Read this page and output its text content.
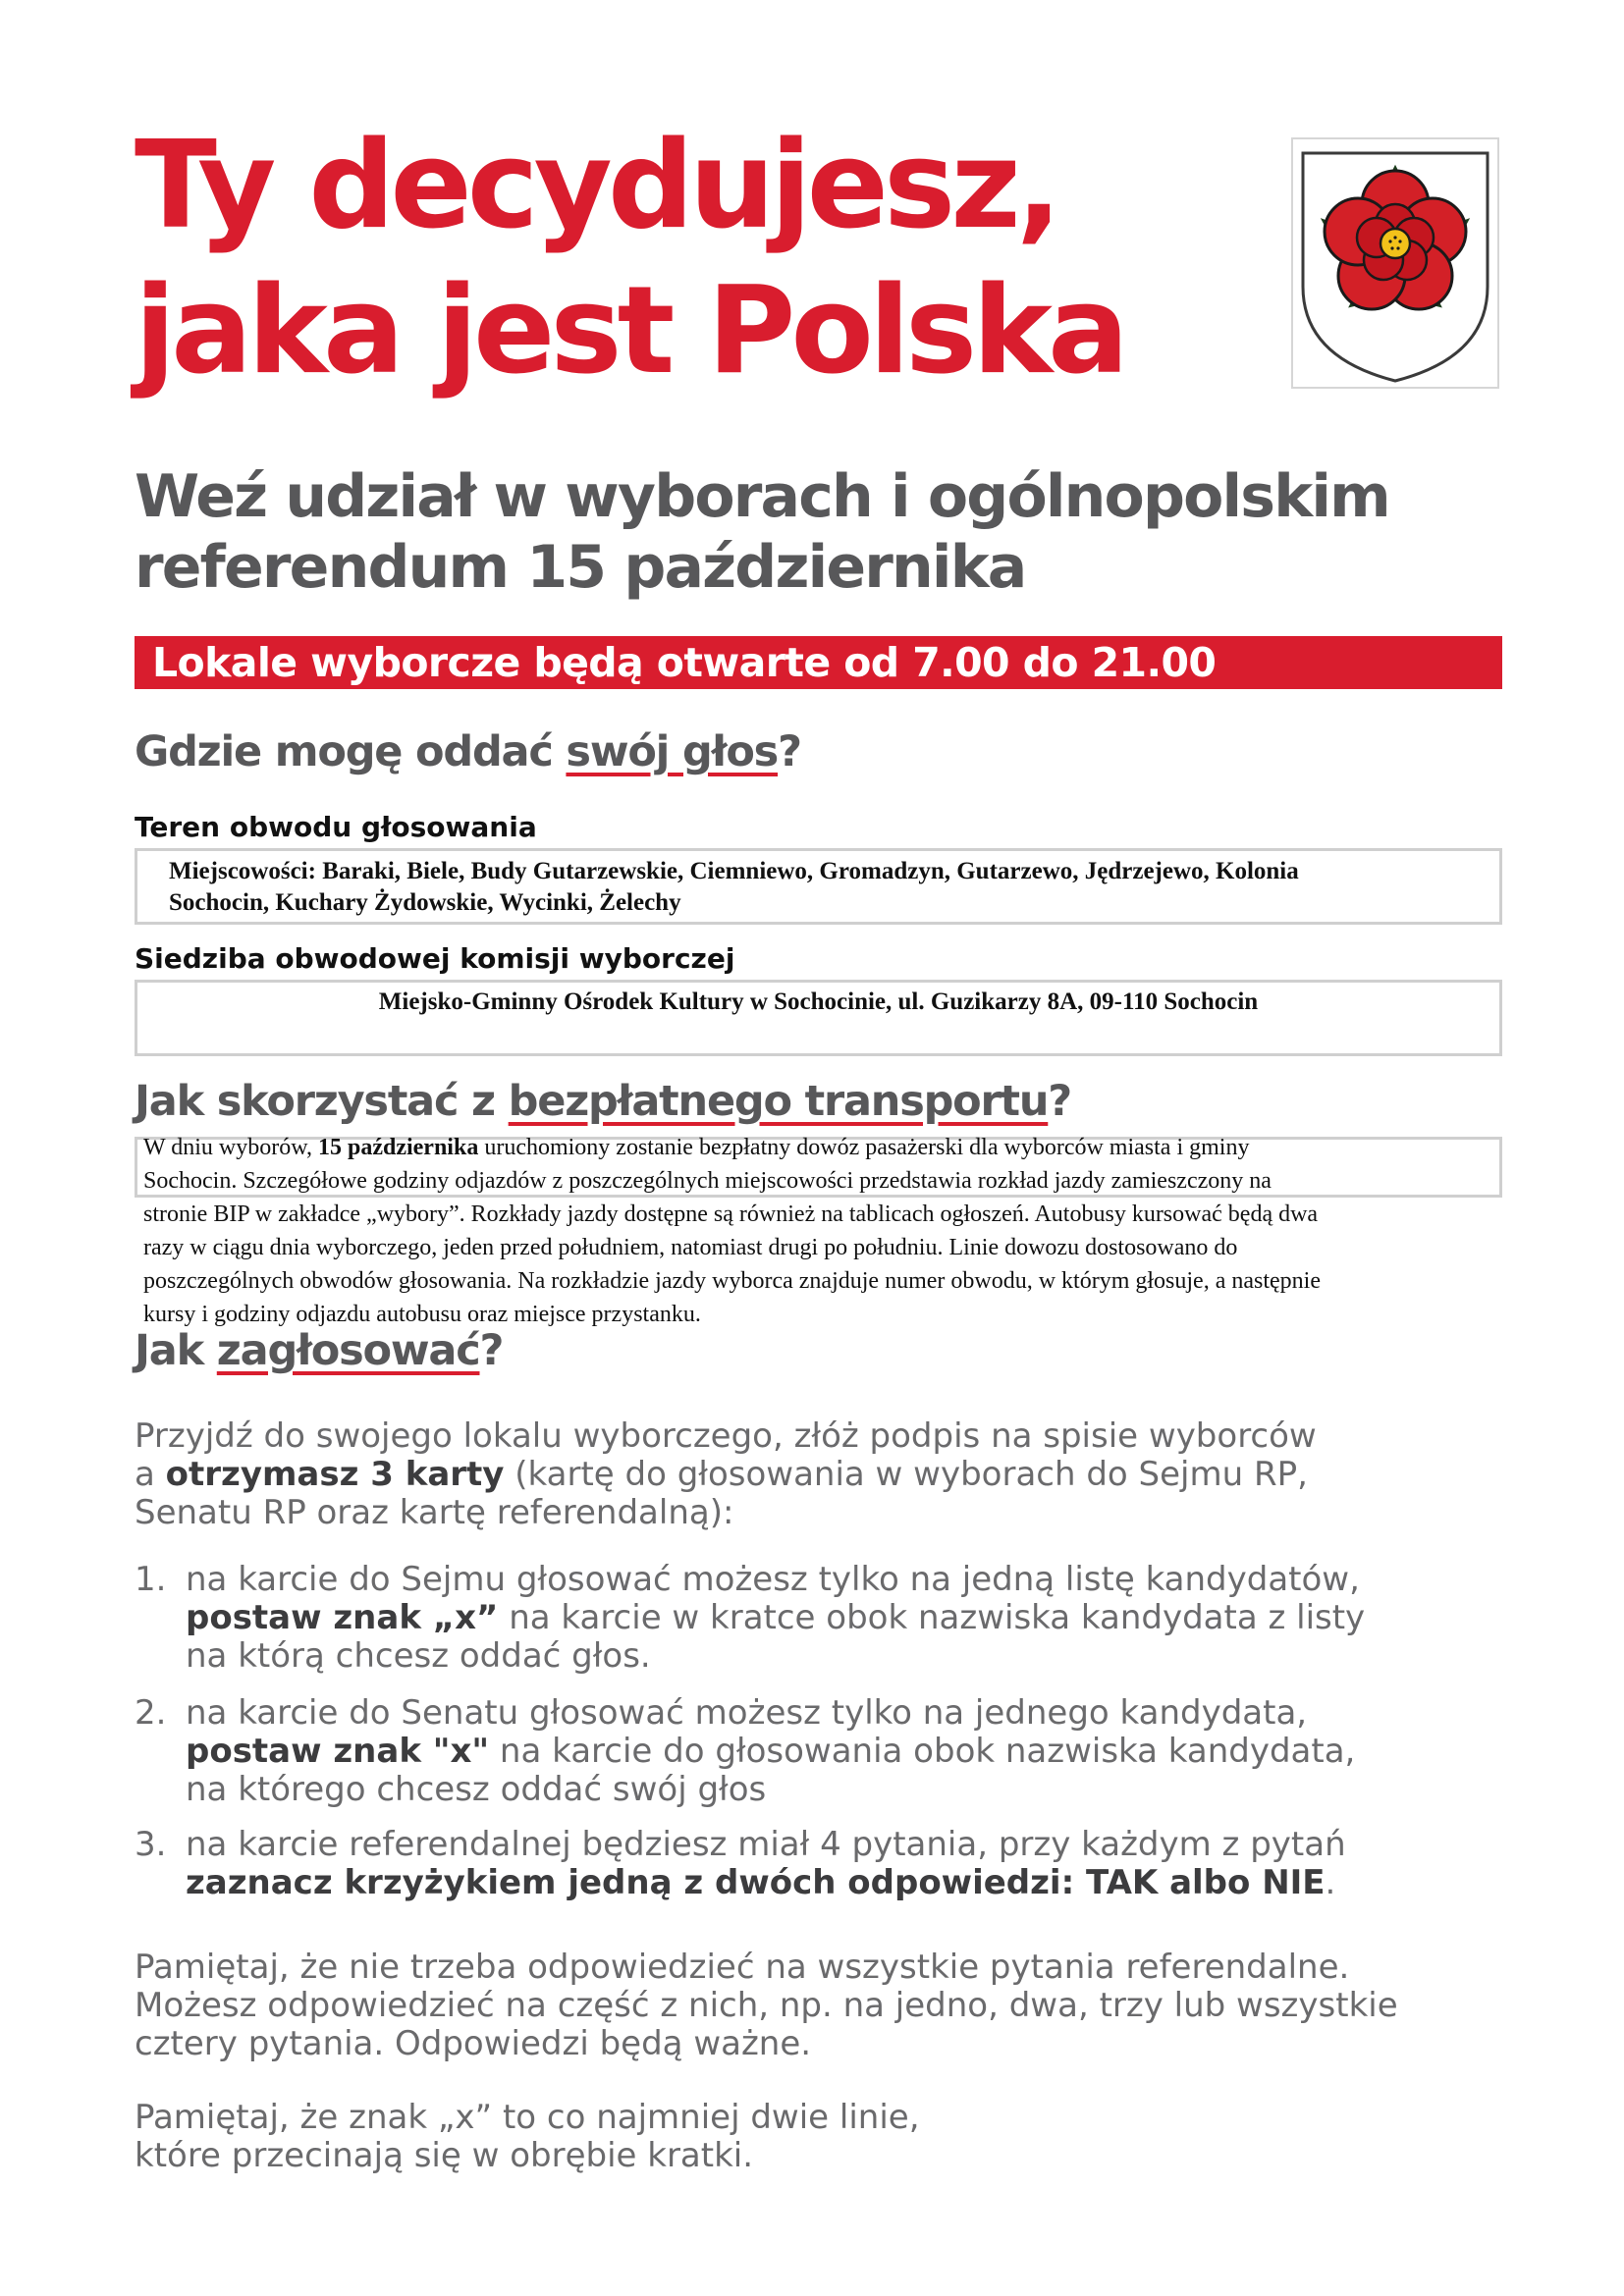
Ty decydujesz,
jaka jest Polska
Weź udział w wyborach i ogólnopolskim
referendum 15 października
Lokale wyborcze będą otwarte od 7.00 do 21.00
Gdzie mogę oddać swój głos?
Teren obwodu głosowania
Miejscowości: Baraki, Biele, Budy Gutarzewskie, Ciemniewo, Gromadzyn, Gutarzewo, Jędrzejewo, Kolonia
Sochocin, Kuchary Żydowskie, Wycinki, Żelechy
Siedziba obwodowej komisji wyborczej
Miejsko-Gminny Ośrodek Kultury w Sochocinie, ul. Guzikarzy 8A, 09-110 Sochocin
Jak skorzystać z bezpłatnego transportu?
W dniu wyborów, 15 października uruchomiony zostanie bezpłatny dowóz pasażerski dla wyborców miasta i gminy
Sochocin. Szczegółowe godziny odjazdów z poszczególnych miejscowości przedstawia rozkład jazdy zamieszczony na
stronie BIP w zakładce „wybory”. Rozkłady jazdy dostępne są również na tablicach ogłoszeń. Autobusy kursować będą dwa
razy w ciągu dnia wyborczego, jeden przed południem, natomiast drugi po południu. Linie dowozu dostosowano do
poszczególnych obwodów głosowania. Na rozkładzie jazdy wyborca znajduje numer obwodu, w którym głosuje, a następnie
kursy i godziny odjazdu autobusu oraz miejsce przystanku.
Jak zagłosować?
Przyjdź do swojego lokalu wyborczego, złóż podpis na spisie wyborców
a otrzymasz 3 karty (kartę do głosowania w wyborach do Sejmu RP,
Senatu RP oraz kartę referendalną):
1. na karcie do Sejmu głosować możesz tylko na jedną listę kandydatów,
postaw znak „x” na karcie w kratce obok nazwiska kandydata z listy
na którą chcesz oddać głos.
2. na karcie do Senatu głosować możesz tylko na jednego kandydata,
postaw znak "x" na karcie do głosowania obok nazwiska kandydata,
na którego chcesz oddać swój głos
3. na karcie referendalnej będziesz miał 4 pytania, przy każdym z pytań
zaznacz krzyżykiem jedną z dwóch odpowiedzi: TAK albo NIE.
Pamiętaj, że nie trzeba odpowiedzieć na wszystkie pytania referendalne.
Możesz odpowiedzieć na część z nich, np. na jedno, dwa, trzy lub wszystkie
cztery pytania. Odpowiedzi będą ważne.
Pamiętaj, że znak „x” to co najmniej dwie linie,
które przecinają się w obrębie kratki.
